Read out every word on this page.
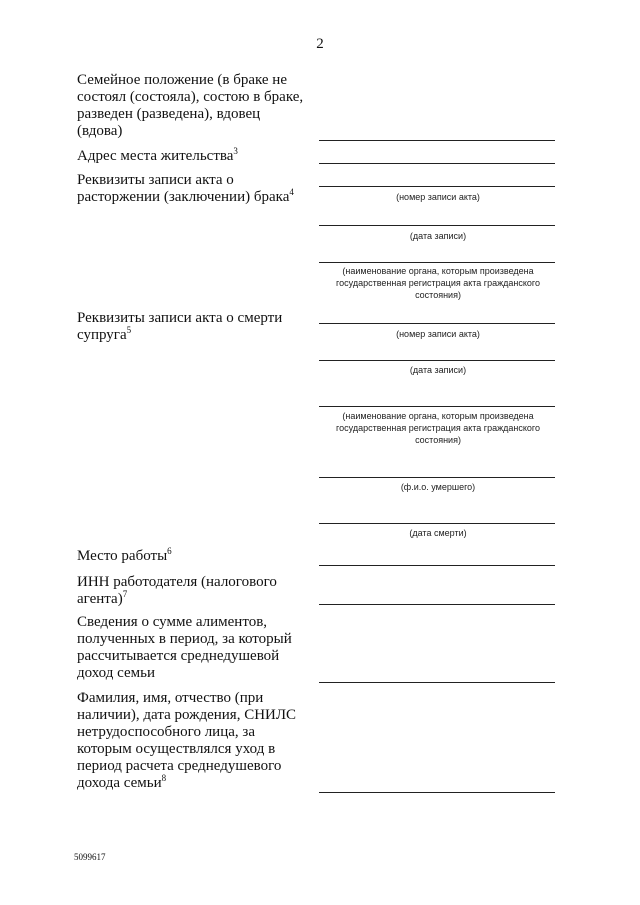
2
Семейное положение (в браке не состоял (состояла), состою в браке, разведен (разведена), вдовец (вдова)
Адрес места жительства$^3$
Реквизиты записи акта о расторжении (заключении) брака$^4$	(номер записи акта)
(дата записи)
(наименование органа, которым произведена государственная регистрация акта гражданского состояния)
Реквизиты записи акта о смерти супруга$^5$	(номер записи акта)
(дата записи)
(наименование органа, которым произведена государственная регистрация акта гражданского состояния)
(ф.и.о. умершего)
(дата смерти)
Место работы$^6$
ИНН работодателя (налогового агента)$^7$
Сведения о сумме алиментов, полученных в период, за который рассчитывается среднедушевой доход семьи
Фамилия, имя, отчество (при наличии), дата рождения, СНИЛС нетрудоспособного лица, за которым осуществлялся уход в период расчета среднедушевого дохода семьи$^8$
5099617
